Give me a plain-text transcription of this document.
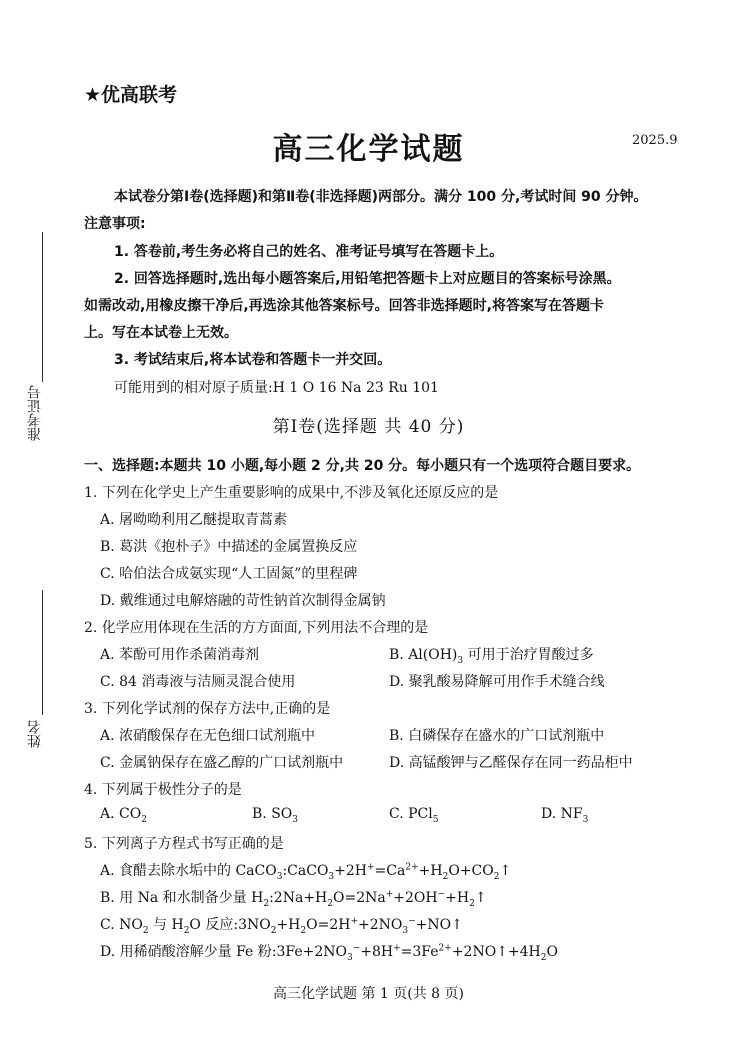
★优高联考
高三化学试题	2025.9
准考证号
姓名
本试卷分第Ⅰ卷(选择题)和第Ⅱ卷(非选择题)两部分。满分 100 分,考试时间 90 分钟。
注意事项:
1. 答卷前,考生务必将自己的姓名、准考证号填写在答题卡上。
2. 回答选择题时,选出每小题答案后,用铅笔把答题卡上对应题目的答案标号涂黑。
如需改动,用橡皮擦干净后,再选涂其他答案标号。回答非选择题时,将答案写在答题卡
上。写在本试卷上无效。
3. 考试结束后,将本试卷和答题卡一并交回。
可能用到的相对原子质量:H 1 O 16 Na 23 Ru 101
第Ⅰ卷(选择题 共 40 分)
一、选择题:本题共 10 小题,每小题 2 分,共 20 分。每小题只有一个选项符合题目要求。
1. 下列在化学史上产生重要影响的成果中,不涉及氧化还原反应的是
A. 屠呦呦利用乙醚提取青蒿素
B. 葛洪《抱朴子》中描述的金属置换反应
C. 哈伯法合成氨实现“人工固氮”的里程碑
D. 戴维通过电解熔融的苛性钠首次制得金属钠
2. 化学应用体现在生活的方方面面,下列用法不合理的是
A. 苯酚可用作杀菌消毒剂	B. $Al(OH)_3$ 可用于治疗胃酸过多
C. 84 消毒液与洁厕灵混合使用	D. 聚乳酸易降解可用作手术缝合线
3. 下列化学试剂的保存方法中,正确的是
A. 浓硝酸保存在无色细口试剂瓶中	B. 白磷保存在盛水的广口试剂瓶中
C. 金属钠保存在盛乙醇的广口试剂瓶中	D. 高锰酸钾与乙醛保存在同一药品柜中
4. 下列属于极性分子的是
A. $CO_2$	B. $SO_3$	C. PCl$_5$	D. $NF_3$
5. 下列离子方程式书写正确的是
A. 食醋去除水垢中的 $CaCO_3:CaCO_3+2H^+=Ca^{2+}+H_2O+CO_2↑$
B. 用 Na 和水制备少量 $H_2:2Na+H_2O=2Na^++2OH^-+H_2↑$
C. $NO_2$ 与 $H_2O$ 反应$:3NO_2+H_2O=2H^++2NO_3^-+NO↑$
D. 用稀硝酸溶解少量 Fe 粉$:3Fe+2NO_3^-+8H^+=3Fe^{2+}+2NO↑+4H_2O$
高三化学试题 第 1 页(共 8 页)
